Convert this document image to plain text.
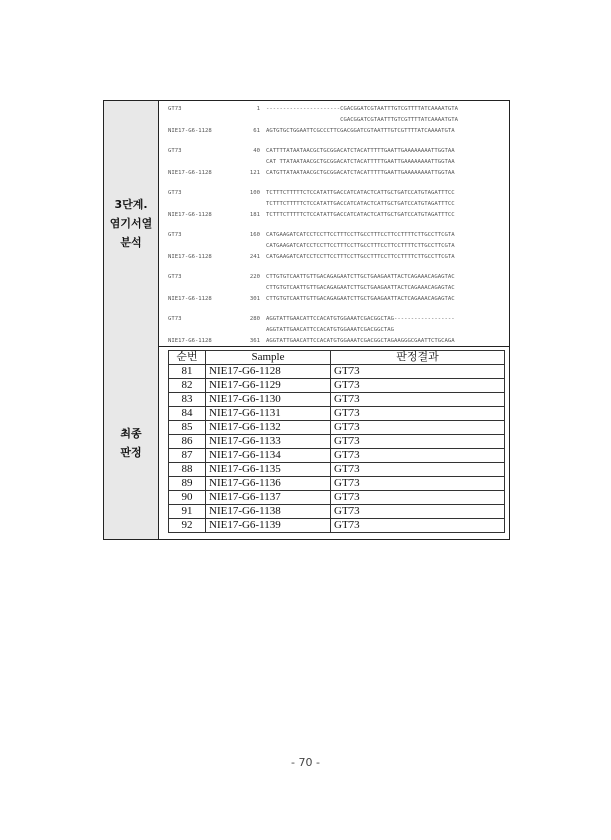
3단계.
염기서열
분석
GT73	1 ----------------------CGACGGATCGTAATTTGTCGTTTTATCAAAATGTA
CGACGGATCGTAATTTGTCGTTTTATCAAAATGTA
NIE17-G6-1128	61 AGTGTGCTGGAATTCGCCCTTCGACGGATCGTAATTTGTCGTTTTATCAAAATGTA
GT73	40 CATTTTATAATAACGCTGCGGACATCTACATTTTTGAATTGAAAAAAAATTGGTAA
CAT TTATAATAACGCTGCGGACATCTACATTTTTGAATTGAAAAAAAATTGGTAA
NIE17-G6-1128	121 CATGTTATAATAACGCTGCGGACATCTACATTTTTGAATTGAAAAAAAATTGGTAA
GT73	100 TCTTTCTTTTTCTCCATATTGACCATCATACTCATTGCTGATCCATGTAGATTTCC
TCTTTCTTTTTCTCCATATTGACCATCATACTCATTGCTGATCCATGTAGATTTCC
NIE17-G6-1128	181 TCTTTCTTTTTCTCCATATTGACCATCATACTCATTGCTGATCCATGTAGATTTCC
GT73	160 CATGAAGATCATCCTCCTTCCTTTCCTTGCCTTTCCTTCCTTTTCTTGCCTTCGTA
CATGAAGATCATCCTCCTTCCTTTCCTTGCCTTTCCTTCCTTTTCTTGCCTTCGTA
NIE17-G6-1128	241 CATGAAGATCATCCTCCTTCCTTTCCTTGCCTTTCCTTCCTTTTCTTGCCTTCGTA
GT73	220 CTTGTGTCAATTGTTGACAGAGAATCTTGCTGAAGAATTACTCAGAAACAGAGTAC
CTTGTGTCAATTGTTGACAGAGAATCTTGCTGAAGAATTACTCAGAAACAGAGTAC
NIE17-G6-1128	301 CTTGTGTCAATTGTTGACAGAGAATCTTGCTGAAGAATTACTCAGAAACAGAGTAC
GT73	280 AGGTATTGAACATTCCACATGTGGAAATCGACGGCTAG------------------
AGGTATTGAACATTCCACATGTGGAAATCGACGGCTAG
NIE17-G6-1128	361 AGGTATTGAACATTCCACATGTGGAAATCGACGGCTAGAAGGGCGAATTCTGCAGA
최종
판정
순번	Sample	판정결과
81	NIE17-G6-1128	GT73
82	NIE17-G6-1129	GT73
83	NIE17-G6-1130	GT73
84	NIE17-G6-1131	GT73
85	NIE17-G6-1132	GT73
86	NIE17-G6-1133	GT73
87	NIE17-G6-1134	GT73
88	NIE17-G6-1135	GT73
89	NIE17-G6-1136	GT73
90	NIE17-G6-1137	GT73
91	NIE17-G6-1138	GT73
92	NIE17-G6-1139	GT73
- 70 -
